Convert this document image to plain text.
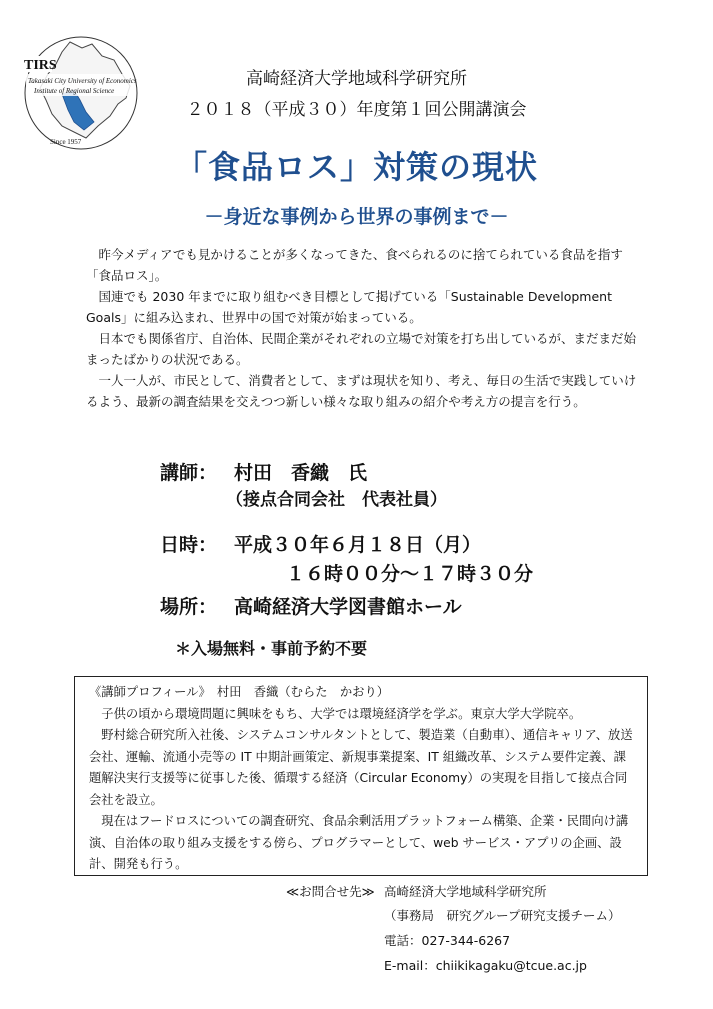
TIRS
Takasaki City University of Economics
Institute of Regional Science
Since 1957
高崎経済大学地域科学研究所
２０１８（平成３０）年度第１回公開講演会
「食品ロス」対策の現状
－身近な事例から世界の事例まで－

昨今メディアでも見かけることが多くなってきた、食べられるのに捨てられている食品を指す「食品ロス」。

国連でも 2030 年までに取り組むべき目標として掲げている「Sustainable Development Goals」に組み込まれ、世界中の国で対策が始まっている。

日本でも関係省庁、自治体、民間企業がそれぞれの立場で対策を打ち出しているが、まだまだ始まったばかりの状況である。

一人一人が、市民として、消費者として、まずは現状を知り、考え、毎日の生活で実践していけるよう、最新の調査結果を交えつつ新しい様々な取り組みの紹介や考え方の提言を行う。

講師： 村田　香織　氏
（接点合同会社　代表社員）
日時： 平成３０年６月１８日（月）
１６時００分～１７時３０分
場所： 高崎経済大学図書館ホール
＊入場無料・事前予約不要

《講師プロフィール》　村田　香織（むらた　かおり）

子供の頃から環境問題に興味をもち、大学では環境経済学を学ぶ。東京大学大学院卒。

野村総合研究所入社後、システムコンサルタントとして、製造業（自動車）、通信キャリア、放送会社、運輸、流通小売等の IT 中期計画策定、新規事業提案、IT 組織改革、システム要件定義、課題解決実行支援等に従事した後、循環する経済（Circular Economy）の実現を目指して接点合同会社を設立。

現在はフードロスについての調査研究、食品余剰活用プラットフォーム構築、企業・民間向け講演、自治体の取り組み支援をする傍ら、プログラマーとして、web サービス・アプリの企画、設計、開発も行う。

≪お問合せ先≫ 高崎経済大学地域科学研究所
（事務局　研究グループ研究支援チーム）
電話：027-344-6267
E-mail：chiikikagaku@tcue.ac.jp
